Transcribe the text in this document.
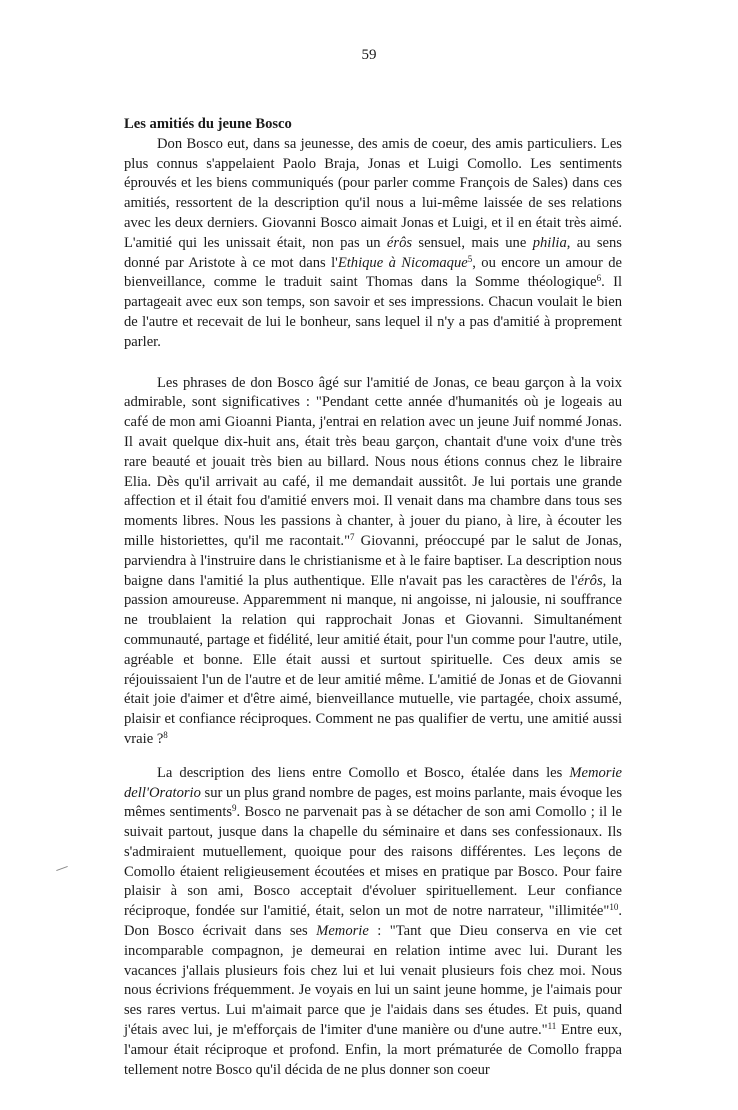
59

Les amitiés du jeune Bosco

Don Bosco eut, dans sa jeunesse, des amis de coeur, des amis particuliers. Les plus connus s'appelaient Paolo Braja, Jonas et Luigi Comollo. Les sentiments éprouvés et les biens communiqués (pour parler comme François de Sales) dans ces amitiés, ressortent de la description qu'il nous a lui-même laissée de ses relations avec les deux derniers. Giovanni Bosco aimait Jonas et Luigi, et il en était très aimé. L'amitié qui les unissait était, non pas un érôs sensuel, mais une philia, au sens donné par Aristote à ce mot dans l'Ethique à Nicomaque$^5$, ou encore un amour de bienveillance, comme le traduit saint Thomas dans la Somme théologique$^6$. Il partageait avec eux son temps, son savoir et ses impressions. Chacun voulait le bien de l'autre et recevait de lui le bonheur, sans lequel il n'y a pas d'amitié à proprement parler.

Les phrases de don Bosco âgé sur l'amitié de Jonas, ce beau garçon à la voix admirable, sont significatives : "Pendant cette année d'humanités où je logeais au café de mon ami Gioanni Pianta, j'entrai en relation avec un jeune Juif nommé Jonas. Il avait quelque dix-huit ans, était très beau garçon, chantait d'une voix d'une très rare beauté et jouait très bien au billard. Nous nous étions connus chez le libraire Elia. Dès qu'il arrivait au café, il me demandait aussitôt. Je lui portais une grande affection et il était fou d'amitié envers moi. Il venait dans ma chambre dans tous ses moments libres. Nous les passions à chanter, à jouer du piano, à lire, à écouter les mille historiettes, qu'il me racontait."$^7$ Giovanni, préoccupé par le salut de Jonas, parviendra à l'instruire dans le christianisme et à le faire baptiser. La description nous baigne dans l'amitié la plus authentique. Elle n'avait pas les caractères de l'érôs, la passion amoureuse. Apparemment ni manque, ni angoisse, ni jalousie, ni souffrance ne troublaient la relation qui rapprochait Jonas et Giovanni. Simultanément communauté, partage et fidélité, leur amitié était, pour l'un comme pour l'autre, utile, agréable et bonne. Elle était aussi et surtout spirituelle. Ces deux amis se réjouissaient l'un de l'autre et de leur amitié même. L'amitié de Jonas et de Giovanni était joie d'aimer et d'être aimé, bienveillance mutuelle, vie partagée, choix assumé, plaisir et confiance réciproques. Comment ne pas qualifier de vertu, une amitié aussi vraie ?$^8$

La description des liens entre Comollo et Bosco, étalée dans les Memorie dell'Oratorio sur un plus grand nombre de pages, est moins parlante, mais évoque les mêmes sentiments$^9$. Bosco ne parvenait pas à se détacher de son ami Comollo ; il le suivait partout, jusque dans la chapelle du séminaire et dans ses confessionaux. Ils s'admiraient mutuellement, quoique pour des raisons différentes. Les leçons de Comollo étaient religieusement écoutées et mises en pratique par Bosco. Pour faire plaisir à son ami, Bosco acceptait d'évoluer spirituellement. Leur confiance réciproque, fondée sur l'amitié, était, selon un mot de notre narrateur, "illimitée"$^{10}$. Don Bosco écrivait dans ses Memorie : "Tant que Dieu conserva en vie cet incomparable compagnon, je demeurai en relation intime avec lui. Durant les vacances j'allais plusieurs fois chez lui et lui venait plusieurs fois chez moi. Nous nous écrivions fréquemment. Je voyais en lui un saint jeune homme, je l'aimais pour ses rares vertus. Lui m'aimait parce que je l'aidais dans ses études. Et puis, quand j'étais avec lui, je m'efforçais de l'imiter d'une manière ou d'une autre."$^{11}$ Entre eux, l'amour était réciproque et profond. Enfin, la mort prématurée de Comollo frappa tellement notre Bosco qu'il décida de ne plus donner son coeur
